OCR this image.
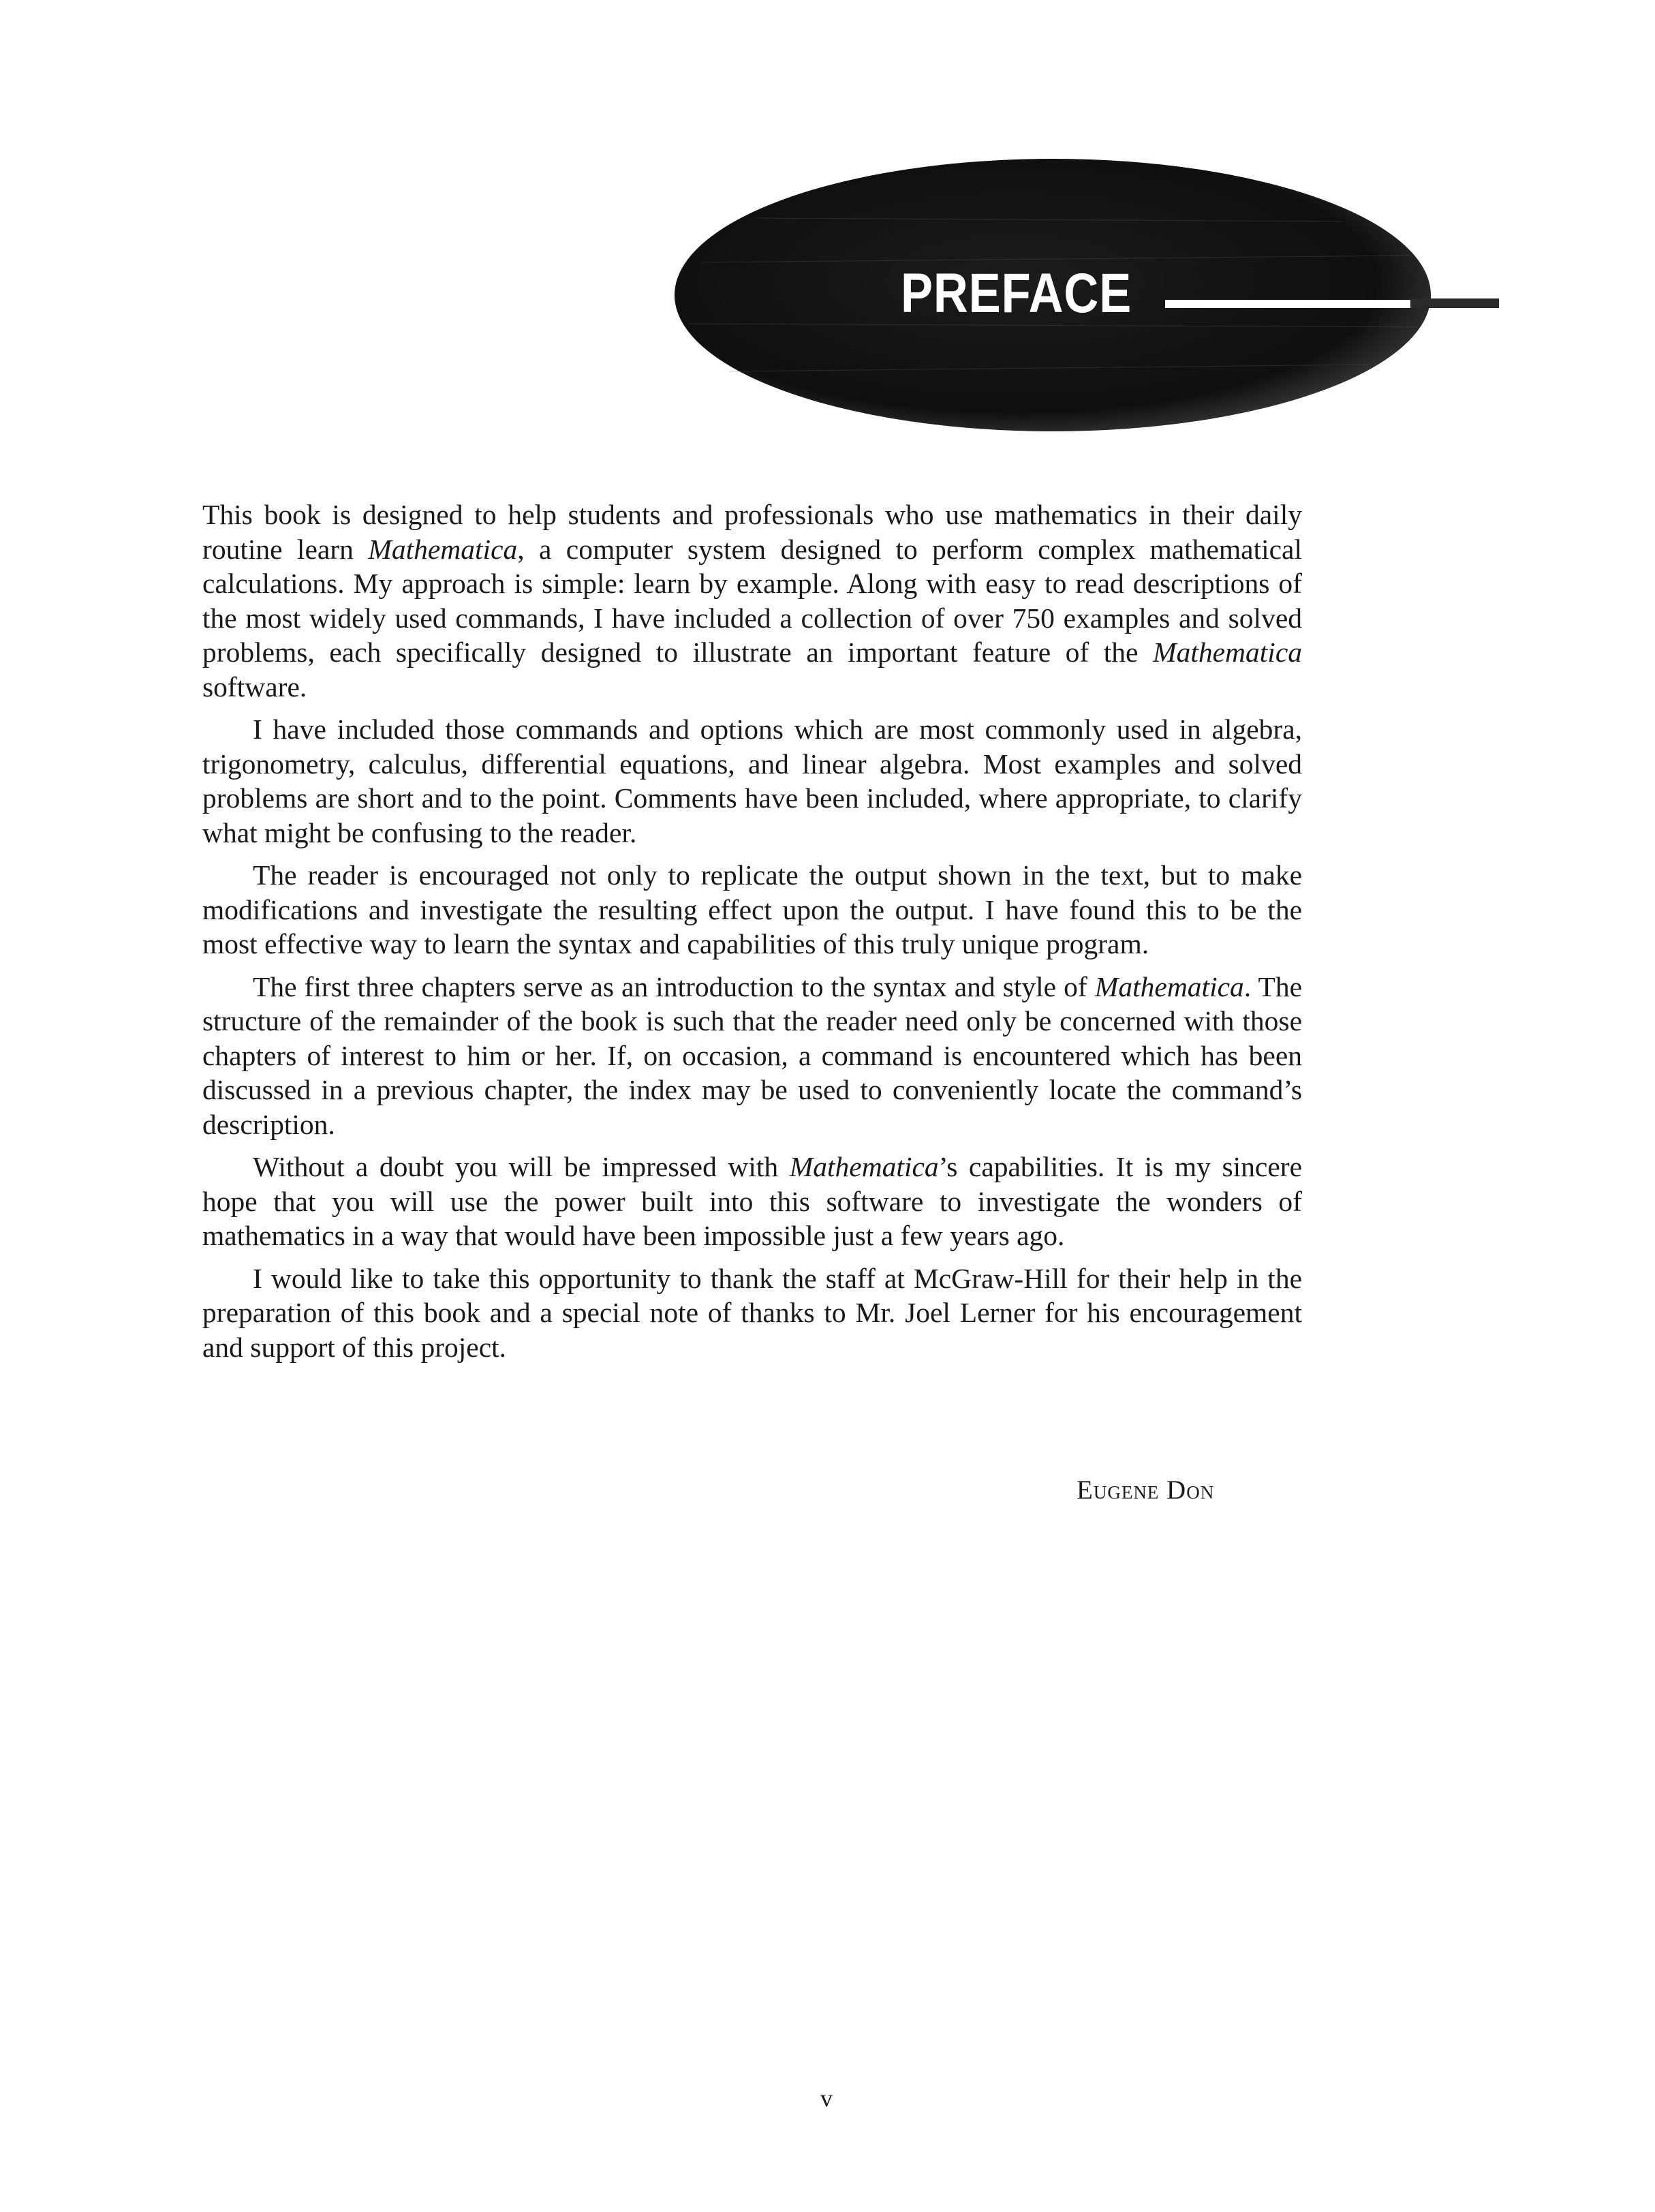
PREFACE

This book is designed to help students and professionals who use mathematics in their daily routine learn Mathematica, a computer system designed to perform complex mathematical calculations. My approach is simple: learn by example. Along with easy to read descriptions of the most widely used commands, I have included a collection of over 750 examples and solved problems, each specifically designed to illustrate an important feature of the Mathematica software.

I have included those commands and options which are most commonly used in algebra, trigonometry, calculus, differential equations, and linear algebra. Most examples and solved problems are short and to the point. Comments have been included, where appropriate, to clarify what might be confusing to the reader.

The reader is encouraged not only to replicate the output shown in the text, but to make modifications and investigate the resulting effect upon the output. I have found this to be the most effective way to learn the syntax and capabilities of this truly unique program.

The first three chapters serve as an introduction to the syntax and style of Mathematica. The structure of the remainder of the book is such that the reader need only be concerned with those chapters of interest to him or her. If, on occasion, a command is encountered which has been discussed in a previous chapter, the index may be used to conveniently locate the command’s description.

Without a doubt you will be impressed with Mathematica’s capabilities. It is my sincere hope that you will use the power built into this software to investigate the wonders of mathematics in a way that would have been impossible just a few years ago.

I would like to take this opportunity to thank the staff at McGraw-Hill for their help in the preparation of this book and a special note of thanks to Mr. Joel Lerner for his encouragement and support of this project.

Eugene Don
v
